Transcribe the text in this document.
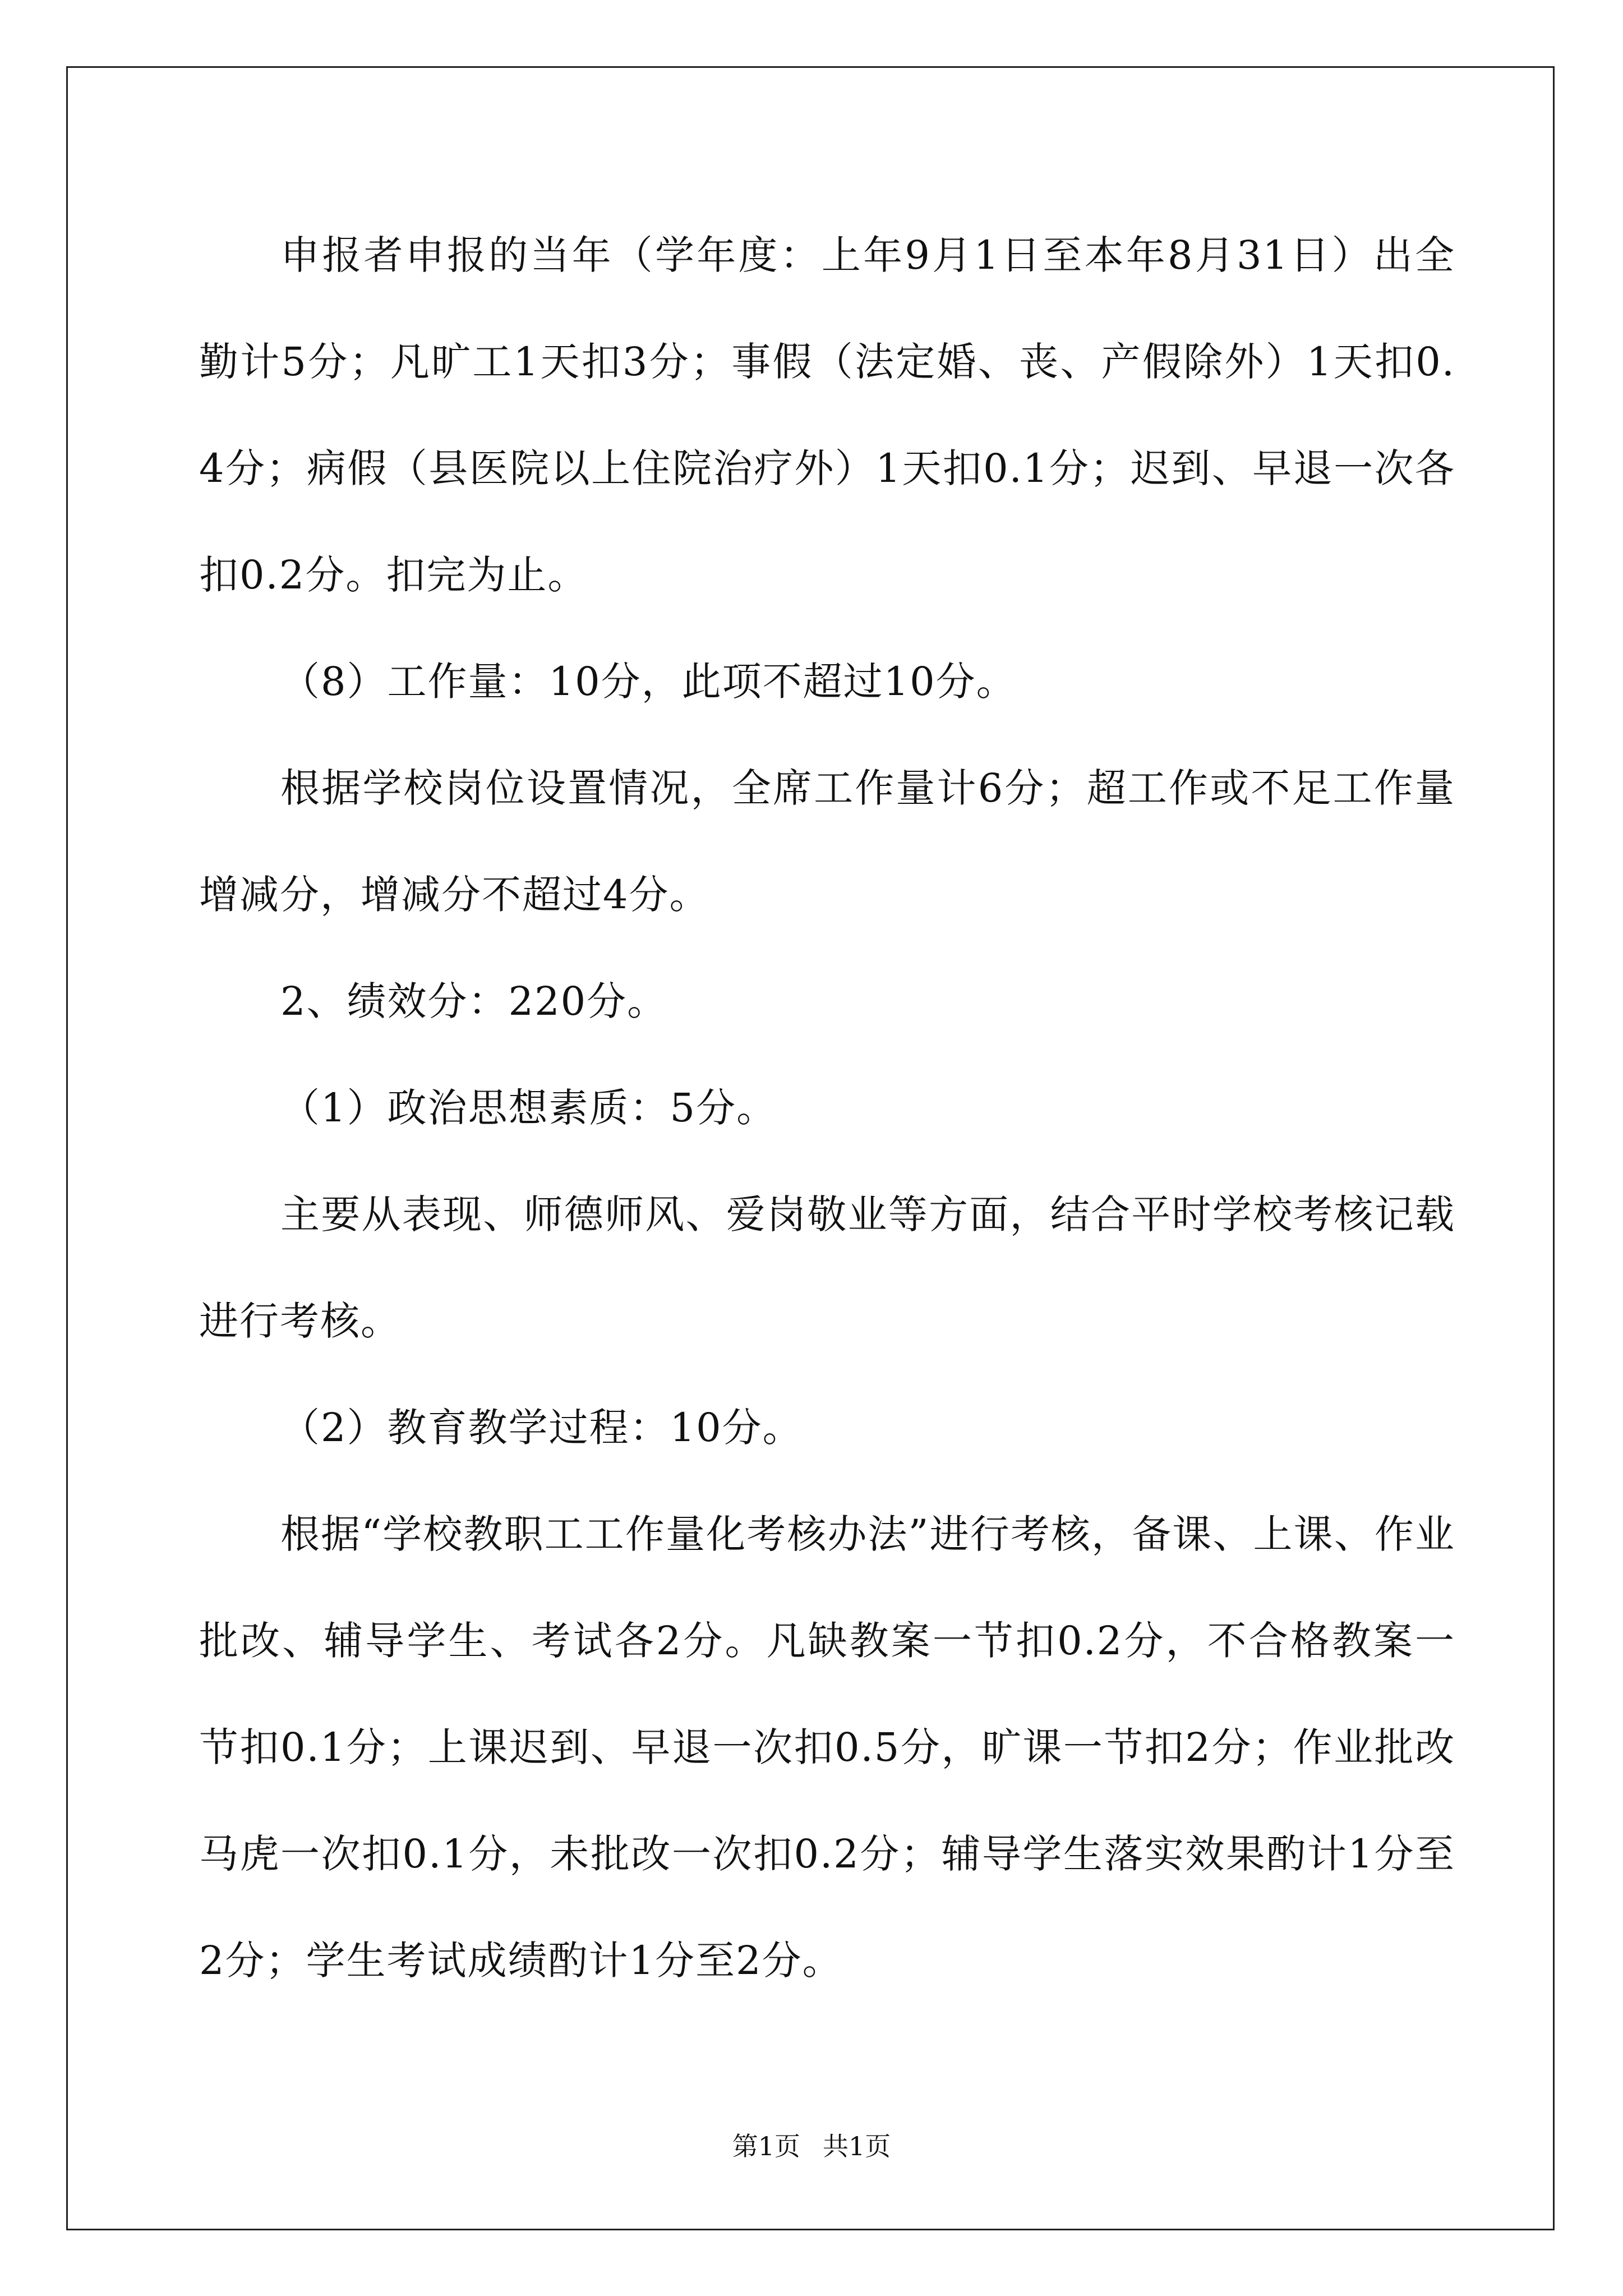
申报者申报的当年（学年度：上年9月1日至本年8月31日）出全勤计5分；凡旷工1天扣3分；事假（法定婚、丧、产假除外）1天扣0.4分；病假（县医院以上住院治疗外）1天扣0.1分；迟到、早退一次各扣0.2分。扣完为止。

（8）工作量：10分，此项不超过10分。

根据学校岗位设置情况，全席工作量计6分；超工作或不足工作量增减分，增减分不超过4分。

2、绩效分：220分。

（1）政治思想素质：5分。

主要从表现、师德师风、爱岗敬业等方面，结合平时学校考核记载进行考核。

（2）教育教学过程：10分。

根据“学校教职工工作量化考核办法”进行考核，备课、上课、作业批改、辅导学生、考试各2分。凡缺教案一节扣0.2分，不合格教案一节扣0.1分；上课迟到、早退一次扣0.5分，旷课一节扣2分；作业批改马虎一次扣0.1分，未批改一次扣0.2分；辅导学生落实效果酌计1分至2分；学生考试成绩酌计1分至2分。

第1页 共1页
